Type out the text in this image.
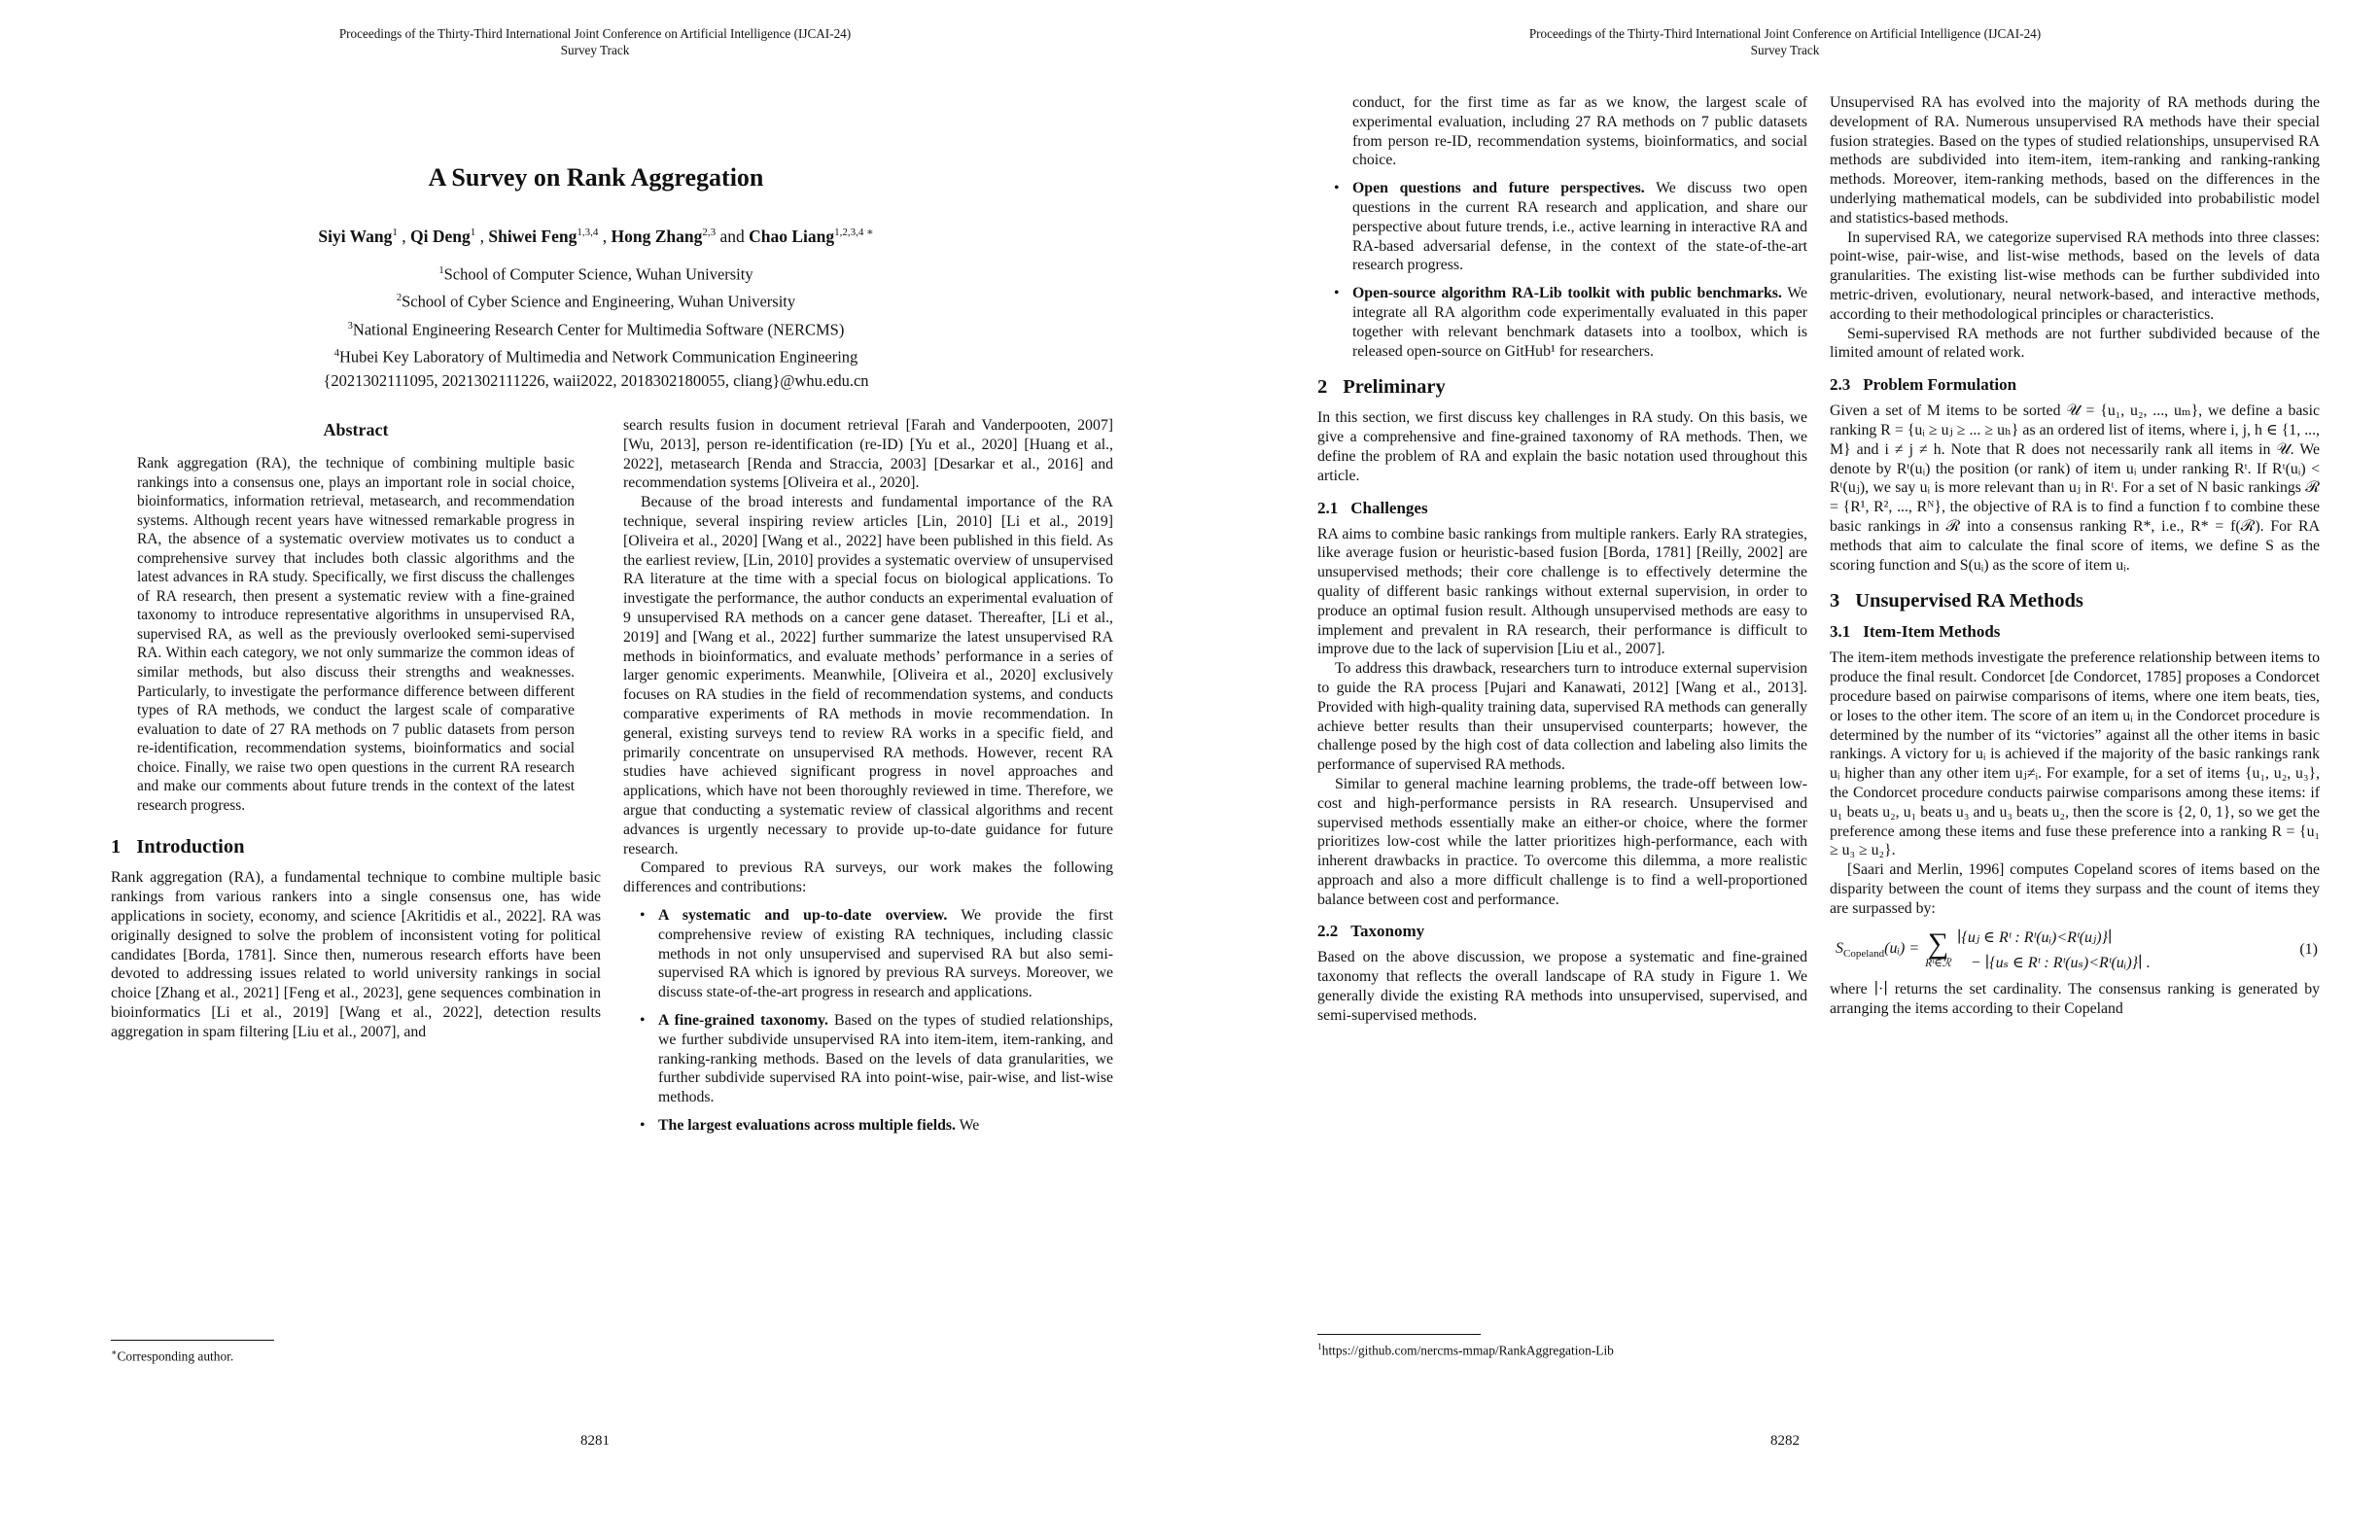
Proceedings of the Thirty-Third International Joint Conference on Artificial Intelligence (IJCAI-24)
Survey Track
A Survey on Rank Aggregation
Siyi Wang$^1$ , Qi Deng$^1$ , Shiwei Feng$^{1,3,4}$ , Hong Zhang$^{2,3}$ and Chao Liang$^{1,2,3,4 ∗}$
$^1$School of Computer Science, Wuhan University
$^2$School of Cyber Science and Engineering, Wuhan University
$^3$National Engineering Research Center for Multimedia Software (NERCMS)
$^4$Hubei Key Laboratory of Multimedia and Network Communication Engineering
{2021302111095, 2021302111226, waii2022, 2018302180055, cliang}@whu.edu.cn
Abstract
Rank aggregation (RA), the technique of combining multiple basic rankings into a consensus one, plays an important role in social choice, bioinformatics, information retrieval, metasearch, and recommendation systems. Although recent years have witnessed remarkable progress in RA, the absence of a systematic overview motivates us to conduct a comprehensive survey that includes both classic algorithms and the latest advances in RA study. Specifically, we first discuss the challenges of RA research, then present a systematic review with a fine-grained taxonomy to introduce representative algorithms in unsupervised RA, supervised RA, as well as the previously overlooked semi-supervised RA. Within each category, we not only summarize the common ideas of similar methods, but also discuss their strengths and weaknesses. Particularly, to investigate the performance difference between different types of RA methods, we conduct the largest scale of comparative evaluation to date of 27 RA methods on 7 public datasets from person re-identification, recommendation systems, bioinformatics and social choice. Finally, we raise two open questions in the current RA research and make our comments about future trends in the context of the latest research progress.
1 Introduction

Rank aggregation (RA), a fundamental technique to combine multiple basic rankings from various rankers into a single consensus one, has wide applications in society, economy, and science [Akritidis et al., 2022]. RA was originally designed to solve the problem of inconsistent voting for political candidates [Borda, 1781]. Since then, numerous research efforts have been devoted to addressing issues related to world university rankings in social choice [Zhang et al., 2021] [Feng et al., 2023], gene sequences combination in bioinformatics [Li et al., 2019] [Wang et al., 2022], detection results aggregation in spam filtering [Liu et al., 2007], and

∗Corresponding author.

search results fusion in document retrieval [Farah and Vanderpooten, 2007] [Wu, 2013], person re-identification (re-ID) [Yu et al., 2020] [Huang et al., 2022], metasearch [Renda and Straccia, 2003] [Desarkar et al., 2016] and recommendation systems [Oliveira et al., 2020].

Because of the broad interests and fundamental importance of the RA technique, several inspiring review articles [Lin, 2010] [Li et al., 2019] [Oliveira et al., 2020] [Wang et al., 2022] have been published in this field. As the earliest review, [Lin, 2010] provides a systematic overview of unsupervised RA literature at the time with a special focus on biological applications. To investigate the performance, the author conducts an experimental evaluation of 9 unsupervised RA methods on a cancer gene dataset. Thereafter, [Li et al., 2019] and [Wang et al., 2022] further summarize the latest unsupervised RA methods in bioinformatics, and evaluate methods’ performance in a series of larger genomic experiments. Meanwhile, [Oliveira et al., 2020] exclusively focuses on RA studies in the field of recommendation systems, and conducts comparative experiments of RA methods in movie recommendation. In general, existing surveys tend to review RA works in a specific field, and primarily concentrate on unsupervised RA methods. However, recent RA studies have achieved significant progress in novel approaches and applications, which have not been thoroughly reviewed in time. Therefore, we argue that conducting a systematic review of classical algorithms and recent advances is urgently necessary to provide up-to-date guidance for future research.

Compared to previous RA surveys, our work makes the following differences and contributions:

• A systematic and up-to-date overview. We provide the first comprehensive review of existing RA techniques, including classic methods in not only unsupervised and supervised RA but also semi-supervised RA which is ignored by previous RA surveys. Moreover, we discuss state-of-the-art progress in research and applications.
• A fine-grained taxonomy. Based on the types of studied relationships, we further subdivide unsupervised RA into item-item, item-ranking, and ranking-ranking methods. Based on the levels of data granularities, we further subdivide supervised RA into point-wise, pair-wise, and list-wise methods.
• The largest evaluations across multiple fields. We
8281
Proceedings of the Thirty-Third International Joint Conference on Artificial Intelligence (IJCAI-24)
Survey Track

conduct, for the first time as far as we know, the largest scale of experimental evaluation, including 27 RA methods on 7 public datasets from person re-ID, recommendation systems, bioinformatics, and social choice.

• Open questions and future perspectives. We discuss two open questions in the current RA research and application, and share our perspective about future trends, i.e., active learning in interactive RA and RA-based adversarial defense, in the context of the state-of-the-art research progress.
• Open-source algorithm RA-Lib toolkit with public benchmarks. We integrate all RA algorithm code experimentally evaluated in this paper together with relevant benchmark datasets into a toolbox, which is released open-source on GitHub¹ for researchers.
2 Preliminary

In this section, we first discuss key challenges in RA study. On this basis, we give a comprehensive and fine-grained taxonomy of RA methods. Then, we define the problem of RA and explain the basic notation used throughout this article.

2.1 Challenges

RA aims to combine basic rankings from multiple rankers. Early RA strategies, like average fusion or heuristic-based fusion [Borda, 1781] [Reilly, 2002] are unsupervised methods; their core challenge is to effectively determine the quality of different basic rankings without external supervision, in order to produce an optimal fusion result. Although unsupervised methods are easy to implement and prevalent in RA research, their performance is difficult to improve due to the lack of supervision [Liu et al., 2007].

To address this drawback, researchers turn to introduce external supervision to guide the RA process [Pujari and Kanawati, 2012] [Wang et al., 2013]. Provided with high-quality training data, supervised RA methods can generally achieve better results than their unsupervised counterparts; however, the challenge posed by the high cost of data collection and labeling also limits the performance of supervised RA methods.

Similar to general machine learning problems, the trade-off between low-cost and high-performance persists in RA research. Unsupervised and supervised methods essentially make an either-or choice, where the former prioritizes low-cost while the latter prioritizes high-performance, each with inherent drawbacks in practice. To overcome this dilemma, a more realistic approach and also a more difficult challenge is to find a well-proportioned balance between cost and performance.

2.2 Taxonomy

Based on the above discussion, we propose a systematic and fine-grained taxonomy that reflects the overall landscape of RA study in Figure 1. We generally divide the existing RA methods into unsupervised, supervised, and semi-supervised methods.

$^1$https://github.com/nercms-mmap/RankAggregation-Lib

Unsupervised RA has evolved into the majority of RA methods during the development of RA. Numerous unsupervised RA methods have their special fusion strategies. Based on the types of studied relationships, unsupervised RA methods are subdivided into item-item, item-ranking and ranking-ranking methods. Moreover, item-ranking methods, based on the differences in the underlying mathematical models, can be subdivided into probabilistic model and statistics-based methods.

In supervised RA, we categorize supervised RA methods into three classes: point-wise, pair-wise, and list-wise methods, based on the levels of data granularities. The existing list-wise methods can be further subdivided into metric-driven, evolutionary, neural network-based, and interactive methods, according to their methodological principles or characteristics.

Semi-supervised RA methods are not further subdivided because of the limited amount of related work.

2.3 Problem Formulation

Given a set of M items to be sorted 𝒰 = {u₁, u₂, ..., uₘ}, we define a basic ranking R = {uᵢ ≥ uⱼ ≥ ... ≥ uₕ} as an ordered list of items, where i, j, h ∈ {1, ..., M} and i ≠ j ≠ h. Note that R does not necessarily rank all items in 𝒰. We denote by Rᵗ(uᵢ) the position (or rank) of item uᵢ under ranking Rᵗ. If Rᵗ(uᵢ) < Rᵗ(uⱼ), we say uᵢ is more relevant than uⱼ in Rᵗ. For a set of N basic rankings ℛ = {R¹, R², ..., Rᴺ}, the objective of RA is to find a function f to combine these basic rankings in ℛ into a consensus ranking R*, i.e., R* = f(ℛ). For RA methods that aim to calculate the final score of items, we define S as the scoring function and S(uᵢ) as the score of item uᵢ.

3 Unsupervised RA Methods
3.1 Item-Item Methods

The item-item methods investigate the preference relationship between items to produce the final result. Condorcet [de Condorcet, 1785] proposes a Condorcet procedure based on pairwise comparisons of items, where one item beats, ties, or loses to the other item. The score of an item uᵢ in the Condorcet procedure is determined by the number of its “victories” against all the other items in basic rankings. A victory for uᵢ is achieved if the majority of the basic rankings rank uᵢ higher than any other item uⱼ≠ᵢ. For example, for a set of items {u₁, u₂, u₃}, the Condorcet procedure conducts pairwise comparisons among these items: if u₁ beats u₂, u₁ beats u₃ and u₃ beats u₂, then the score is {2, 0, 1}, so we get the preference among these items and fuse these preference into a ranking R = {u₁ ≥ u₃ ≥ u₂}.

[Saari and Merlin, 1996] computes Copeland scores of items based on the disparity between the count of items they surpass and the count of items they are surpassed by:

$S_{Copeland}(uᵢ)$ = ∑
Rᵗ∈ℛ
∣{uⱼ ∈ Rᵗ : Rᵗ(uᵢ)<Rᵗ(uⱼ)}∣
− ∣{uₛ ∈ Rᵗ : Rᵗ(uₛ)<Rᵗ(uᵢ)}∣ .
(1)

where ∣·∣ returns the set cardinality. The consensus ranking is generated by arranging the items according to their Copeland

8282
